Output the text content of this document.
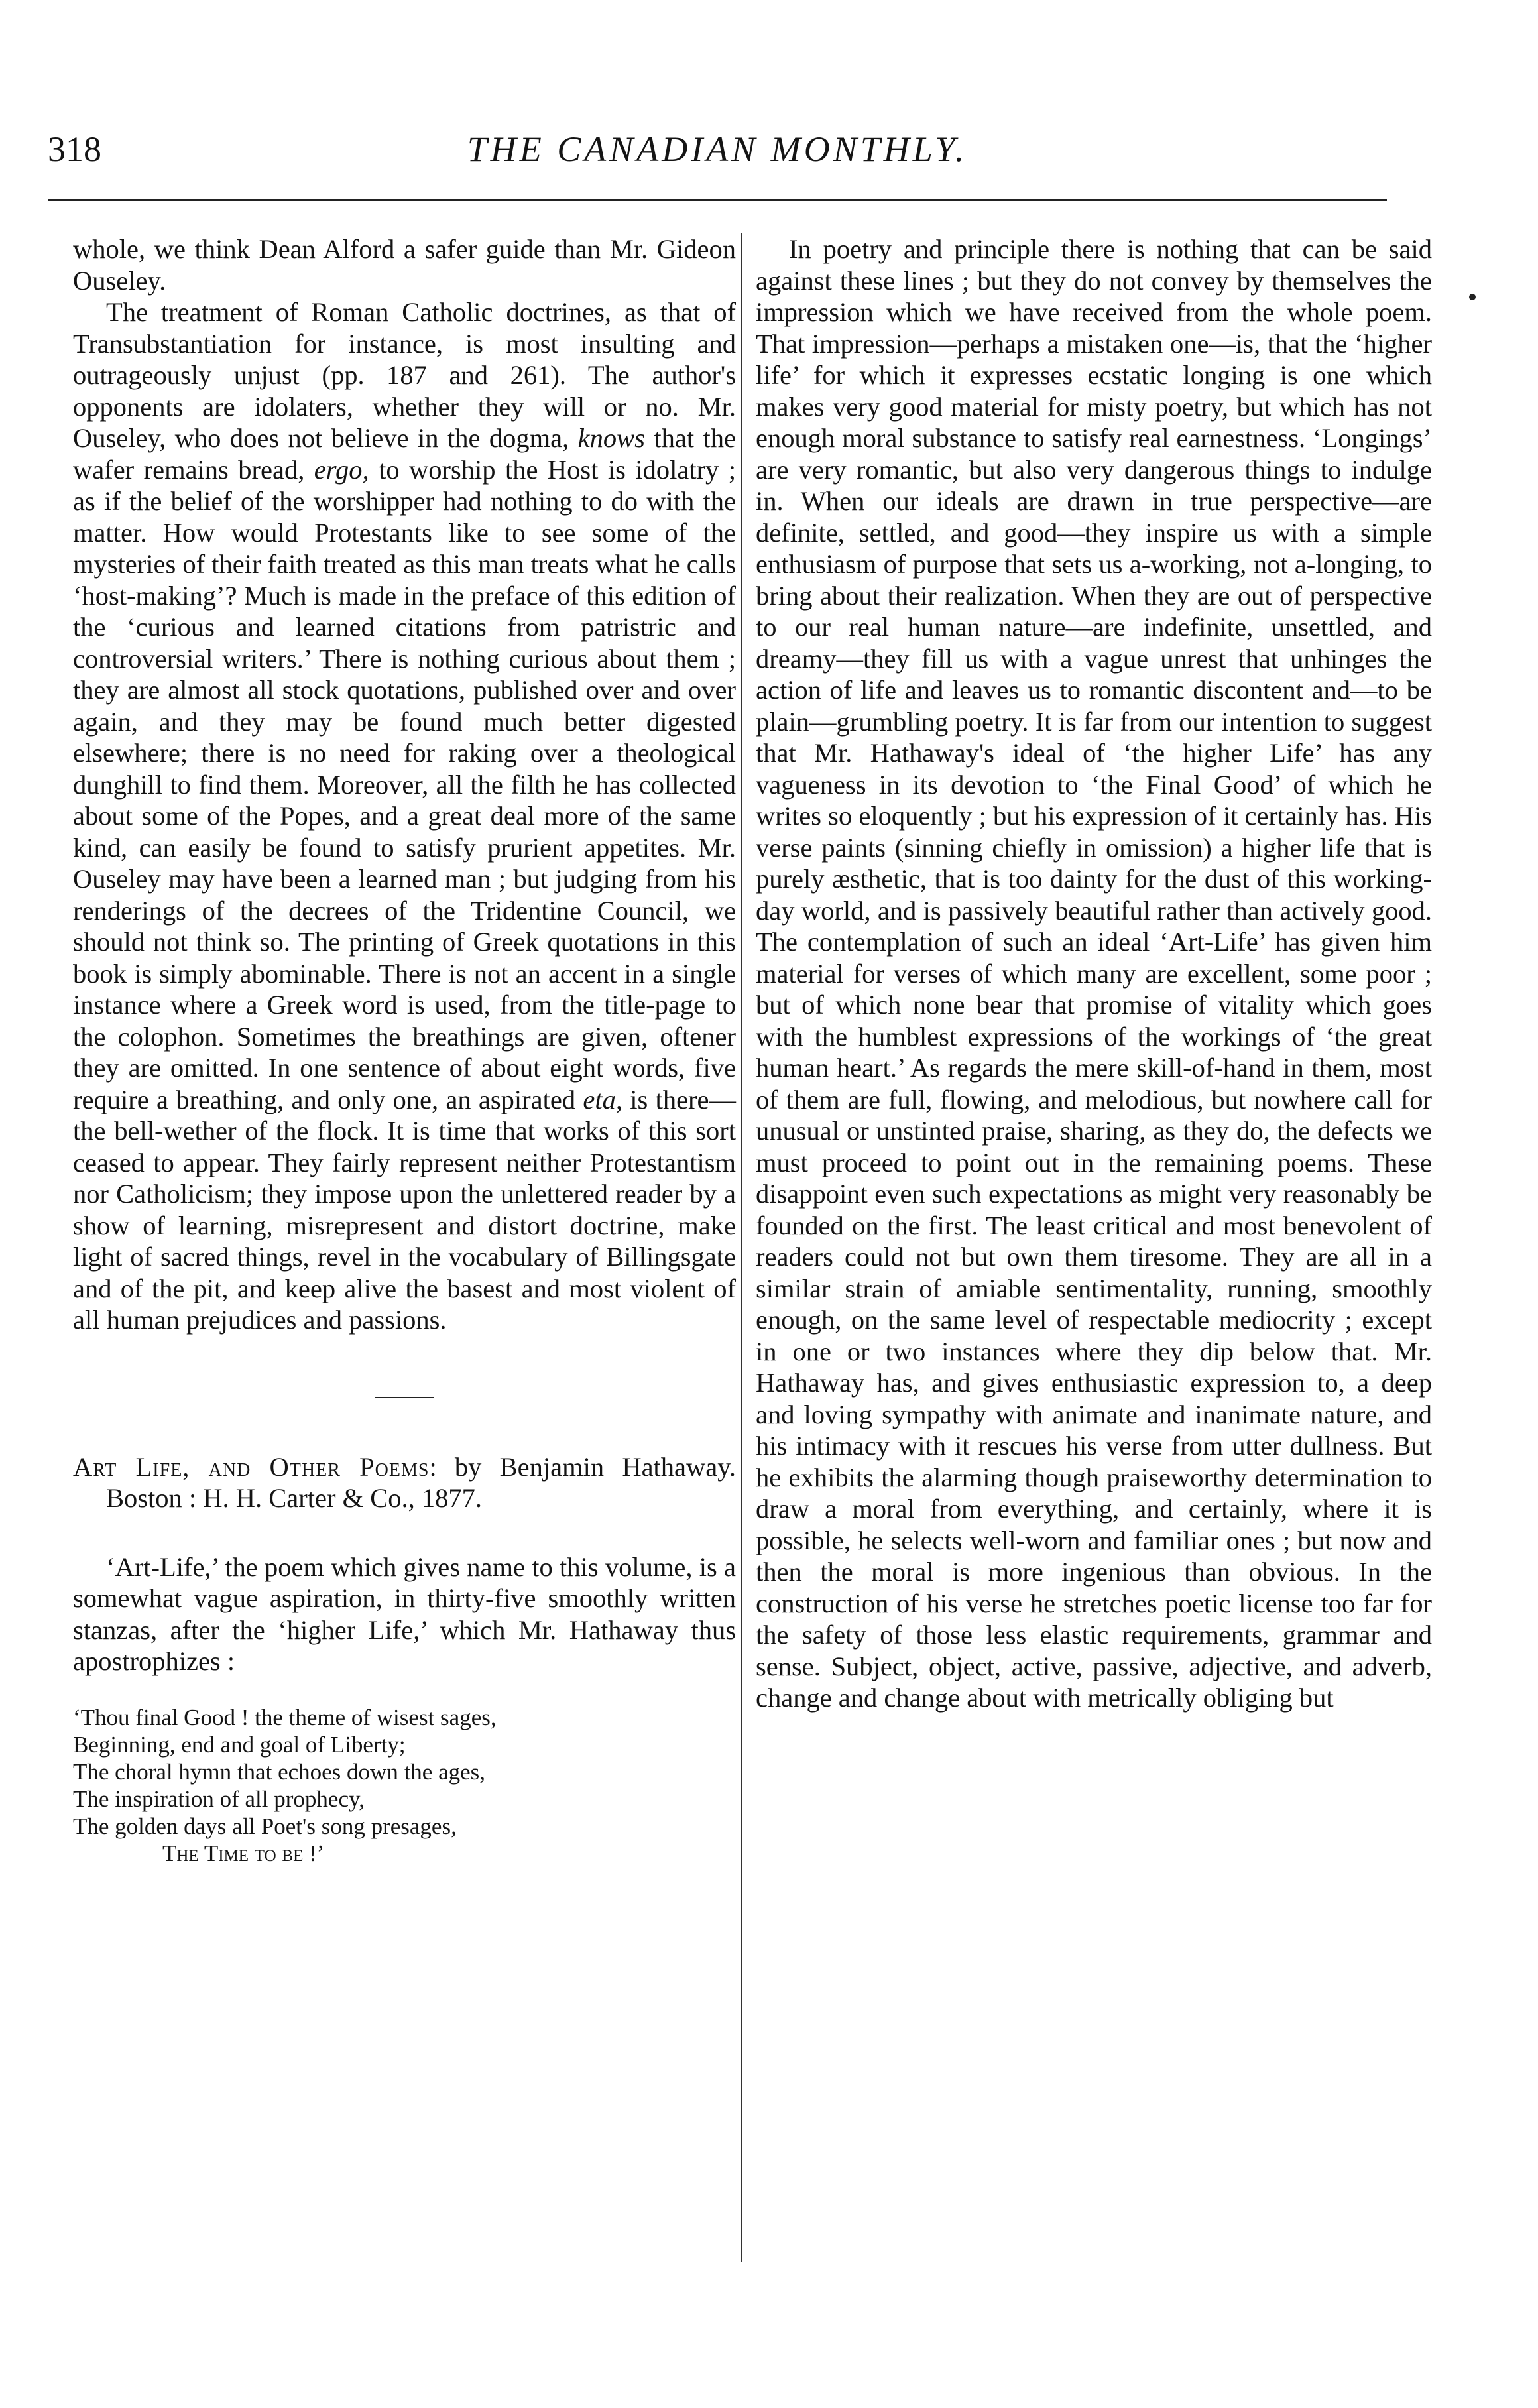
318	THE CANADIAN MONTHLY.

whole, we think Dean Alford a safer guide than Mr. Gideon Ouseley.

The treatment of Roman Catholic doctrines, as that of Transubstantiation for instance, is most insulting and outrageously unjust (pp. 187 and 261). The author's opponents are idolaters, whether they will or no. Mr. Ouseley, who does not believe in the dogma, knows that the wafer remains bread, ergo, to worship the Host is idolatry ; as if the belief of the worshipper had nothing to do with the matter. How would Protestants like to see some of the mysteries of their faith treated as this man treats what he calls ‘host-making’? Much is made in the preface of this edition of the ‘curious and learned citations from patristric and controversial writers.’ There is nothing curious about them ; they are almost all stock quotations, published over and over again, and they may be found much better digested elsewhere; there is no need for raking over a theological dunghill to find them. Moreover, all the filth he has collected about some of the Popes, and a great deal more of the same kind, can easily be found to satisfy prurient appetites. Mr. Ouseley may have been a learned man ; but judging from his renderings of the decrees of the Tridentine Council, we should not think so. The printing of Greek quotations in this book is simply abominable. There is not an accent in a single instance where a Greek word is used, from the title-page to the colophon. Sometimes the breathings are given, oftener they are omitted. In one sentence of about eight words, five require a breathing, and only one, an aspirated eta, is there—the bell-wether of the flock. It is time that works of this sort ceased to appear. They fairly represent neither Protestantism nor Catholicism; they impose upon the unlettered reader by a show of learning, misrepresent and distort doctrine, make light of sacred things, revel in the vocabulary of Billingsgate and of the pit, and keep alive the basest and most violent of all human prejudices and passions.

Art Life, and Other Poems: by Benjamin Hathaway. Boston : H. H. Carter & Co., 1877.

‘Art-Life,’ the poem which gives name to this volume, is a somewhat vague aspiration, in thirty-five smoothly written stanzas, after the ‘higher Life,’ which Mr. Hathaway thus apostrophizes :

‘Thou final Good ! the theme of wisest sages,
Beginning, end and goal of Liberty;
The choral hymn that echoes down the ages,
The inspiration of all prophecy,
The golden days all Poet's song presages,
The Time to be !’

In poetry and principle there is nothing that can be said against these lines ; but they do not convey by themselves the impression which we have received from the whole poem. That impression—perhaps a mistaken one—is, that the ‘higher life’ for which it expresses ecstatic longing is one which makes very good material for misty poetry, but which has not enough moral substance to satisfy real earnestness. ‘Longings’ are very romantic, but also very dangerous things to indulge in. When our ideals are drawn in true perspective—are definite, settled, and good—they inspire us with a simple enthusiasm of purpose that sets us a-working, not a-longing, to bring about their realization. When they are out of perspective to our real human nature—are indefinite, unsettled, and dreamy—they fill us with a vague unrest that unhinges the action of life and leaves us to romantic discontent and—to be plain—grumbling poetry. It is far from our intention to suggest that Mr. Hathaway's ideal of ‘the higher Life’ has any vagueness in its devotion to ‘the Final Good’ of which he writes so eloquently ; but his expression of it certainly has. His verse paints (sinning chiefly in omission) a higher life that is purely æsthetic, that is too dainty for the dust of this working-day world, and is passively beautiful rather than actively good. The contemplation of such an ideal ‘Art-Life’ has given him material for verses of which many are excellent, some poor ; but of which none bear that promise of vitality which goes with the humblest expressions of the workings of ‘the great human heart.’ As regards the mere skill-of-hand in them, most of them are full, flowing, and melodious, but nowhere call for unusual or unstinted praise, sharing, as they do, the defects we must proceed to point out in the remaining poems. These disappoint even such expectations as might very reasonably be founded on the first. The least critical and most benevolent of readers could not but own them tiresome. They are all in a similar strain of amiable sentimentality, running, smoothly enough, on the same level of respectable mediocrity ; except in one or two instances where they dip below that. Mr. Hathaway has, and gives enthusiastic expression to, a deep and loving sympathy with animate and inanimate nature, and his intimacy with it rescues his verse from utter dullness. But he exhibits the alarming though praiseworthy determination to draw a moral from everything, and certainly, where it is possible, he selects well-worn and familiar ones ; but now and then the moral is more ingenious than obvious. In the construction of his verse he stretches poetic license too far for the safety of those less elastic requirements, grammar and sense. Subject, object, active, passive, adjective, and adverb, change and change about with metrically obliging but
